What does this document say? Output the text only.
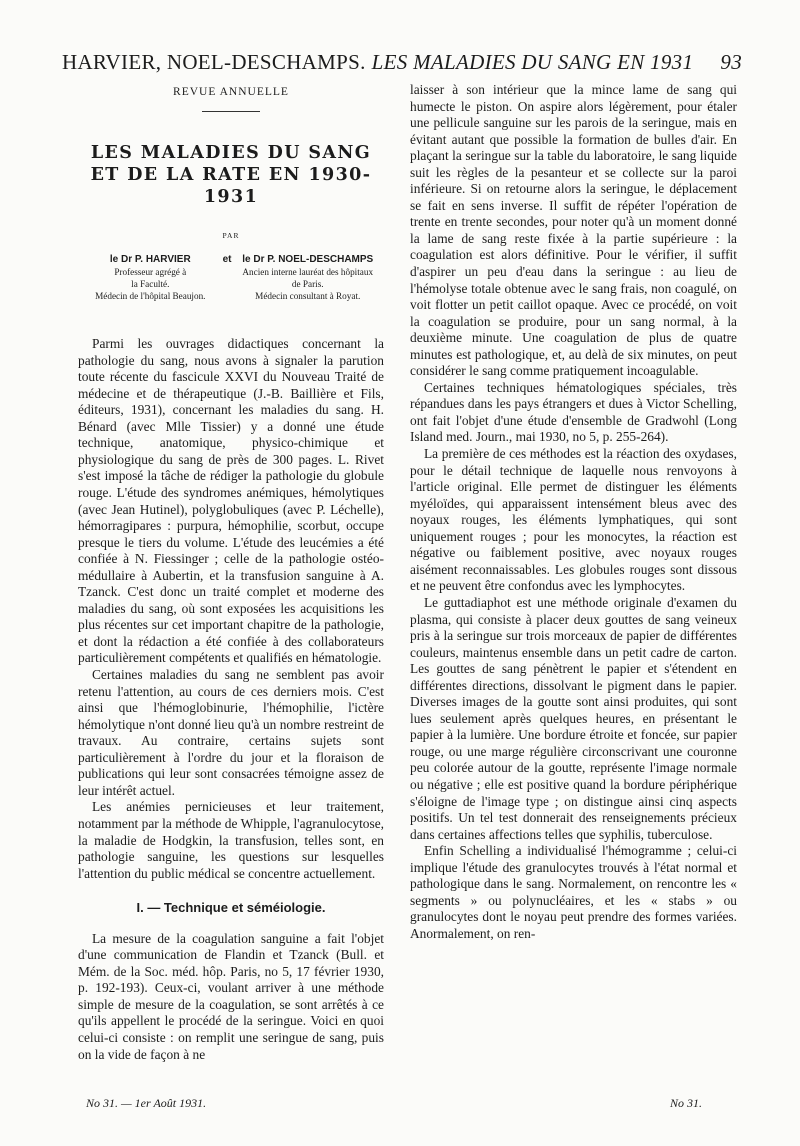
HARVIER, NOEL-DESCHAMPS. LES MALADIES DU SANG EN 1931 93
REVUE ANNUELLE
LES MALADIES DU SANG
ET DE LA RATE EN 1930-1931
PAR
le Dr P. HARVIER
Professeur agrégé à
la Faculté.
Médecin de l'hôpital Beaujon.
et	le Dr P. NOEL-DESCHAMPS
Ancien interne lauréat des hôpitaux
de Paris.
Médecin consultant à Royat.

Parmi les ouvrages didactiques concernant la pathologie du sang, nous avons à signaler la parution toute récente du fascicule XXVI du Nouveau Traité de médecine et de thérapeutique (J.-B. Baillière et Fils, éditeurs, 1931), concernant les maladies du sang. H. Bénard (avec Mlle Tissier) y a donné une étude technique, anatomique, physico-chimique et physiologique du sang de près de 300 pages. L. Rivet s'est imposé la tâche de rédiger la pathologie du globule rouge. L'étude des syndromes anémiques, hémolytiques (avec Jean Hutinel), polyglobuliques (avec P. Léchelle), hémorragipares : purpura, hémophilie, scorbut, occupe presque le tiers du volume. L'étude des leucémies a été confiée à N. Fiessinger ; celle de la pathologie ostéo-médullaire à Aubertin, et la transfusion sanguine à A. Tzanck. C'est donc un traité complet et moderne des maladies du sang, où sont exposées les acquisitions les plus récentes sur cet important chapitre de la pathologie, et dont la rédaction a été confiée à des collaborateurs particulièrement compétents et qualifiés en hématologie.

Certaines maladies du sang ne semblent pas avoir retenu l'attention, au cours de ces derniers mois. C'est ainsi que l'hémoglobinurie, l'hémophilie, l'ictère hémolytique n'ont donné lieu qu'à un nombre restreint de travaux. Au contraire, certains sujets sont particulièrement à l'ordre du jour et la floraison de publications qui leur sont consacrées témoigne assez de leur intérêt actuel.

Les anémies pernicieuses et leur traitement, notamment par la méthode de Whipple, l'agranulocytose, la maladie de Hodgkin, la transfusion, telles sont, en pathologie sanguine, les questions sur lesquelles l'attention du public médical se concentre actuellement.

I. — Technique et séméiologie.

La mesure de la coagulation sanguine a fait l'objet d'une communication de Flandin et Tzanck (Bull. et Mém. de la Soc. méd. hôp. Paris, no 5, 17 février 1930, p. 192-193). Ceux-ci, voulant arriver à une méthode simple de mesure de la coagulation, se sont arrêtés à ce qu'ils appellent le procédé de la seringue. Voici en quoi celui-ci consiste : on remplit une seringue de sang, puis on la vide de façon à ne

laisser à son intérieur que la mince lame de sang qui humecte le piston. On aspire alors légèrement, pour étaler une pellicule sanguine sur les parois de la seringue, mais en évitant autant que possible la formation de bulles d'air. En plaçant la seringue sur la table du laboratoire, le sang liquide suit les règles de la pesanteur et se collecte sur la paroi inférieure. Si on retourne alors la seringue, le déplacement se fait en sens inverse. Il suffit de répéter l'opération de trente en trente secondes, pour noter qu'à un moment donné la lame de sang reste fixée à la partie supérieure : la coagulation est alors définitive. Pour le vérifier, il suffit d'aspirer un peu d'eau dans la seringue : au lieu de l'hémolyse totale obtenue avec le sang frais, non coagulé, on voit flotter un petit caillot opaque. Avec ce procédé, on voit la coagulation se produire, pour un sang normal, à la deuxième minute. Une coagulation de plus de quatre minutes est pathologique, et, au delà de six minutes, on peut considérer le sang comme pratiquement incoagulable.

Certaines techniques hématologiques spéciales, très répandues dans les pays étrangers et dues à Victor Schelling, ont fait l'objet d'une étude d'ensemble de Gradwohl (Long Island med. Journ., mai 1930, no 5, p. 255-264).

La première de ces méthodes est la réaction des oxydases, pour le détail technique de laquelle nous renvoyons à l'article original. Elle permet de distinguer les éléments myéloïdes, qui apparaissent intensément bleus avec des noyaux rouges, les éléments lymphatiques, qui sont uniquement rouges ; pour les monocytes, la réaction est négative ou faiblement positive, avec noyaux rouges aisément reconnaissables. Les globules rouges sont dissous et ne peuvent être confondus avec les lymphocytes.

Le guttadiaphot est une méthode originale d'examen du plasma, qui consiste à placer deux gouttes de sang veineux pris à la seringue sur trois morceaux de papier de différentes couleurs, maintenus ensemble dans un petit cadre de carton. Les gouttes de sang pénètrent le papier et s'étendent en différentes directions, dissolvant le pigment dans le papier. Diverses images de la goutte sont ainsi produites, qui sont lues seulement après quelques heures, en présentant le papier à la lumière. Une bordure étroite et foncée, sur papier rouge, ou une marge régulière circonscrivant une couronne peu colorée autour de la goutte, représente l'image normale ou négative ; elle est positive quand la bordure périphérique s'éloigne de l'image type ; on distingue ainsi cinq aspects positifs. Un tel test donnerait des renseignements précieux dans certaines affections telles que syphilis, tuberculose.

Enfin Schelling a individualisé l'hémogramme ; celui-ci implique l'étude des granulocytes trouvés à l'état normal et pathologique dans le sang. Normalement, on rencontre les « segments » ou polynucléaires, et les « stabs » ou granulocytes dont le noyau peut prendre des formes variées. Anormalement, on ren-

No 31. — 1er Août 1931.	No 31.
